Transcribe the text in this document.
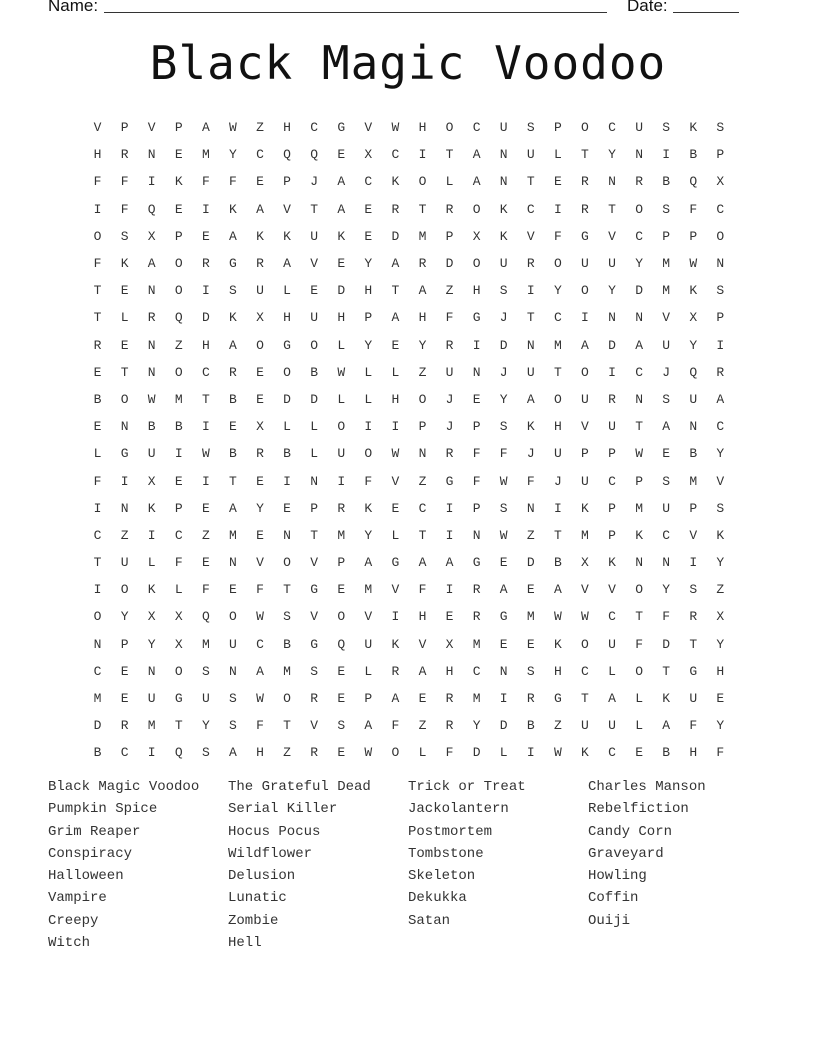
Name:	Date:
Black Magic Voodoo
V	P	V	P	A	W	Z	H	C	G	V	W	H	O	C	U	S	P	O	C	U	S	K	S
H	R	N	E	M	Y	C	Q	Q	E	X	C	I	T	A	N	U	L	T	Y	N	I	B	P
F	F	I	K	F	F	E	P	J	A	C	K	O	L	A	N	T	E	R	N	R	B	Q	X
I	F	Q	E	I	K	A	V	T	A	E	R	T	R	O	K	C	I	R	T	O	S	F	C
O	S	X	P	E	A	K	K	U	K	E	D	M	P	X	K	V	F	G	V	C	P	P	O
F	K	A	O	R	G	R	A	V	E	Y	A	R	D	O	U	R	O	U	U	Y	M	W	N
T	E	N	O	I	S	U	L	E	D	H	T	A	Z	H	S	I	Y	O	Y	D	M	K	S
T	L	R	Q	D	K	X	H	U	H	P	A	H	F	G	J	T	C	I	N	N	V	X	P
R	E	N	Z	H	A	O	G	O	L	Y	E	Y	R	I	D	N	M	A	D	A	U	Y	I
E	T	N	O	C	R	E	O	B	W	L	L	Z	U	N	J	U	T	O	I	C	J	Q	R
B	O	W	M	T	B	E	D	D	L	L	H	O	J	E	Y	A	O	U	R	N	S	U	A
E	N	B	B	I	E	X	L	L	O	I	I	P	J	P	S	K	H	V	U	T	A	N	C
L	G	U	I	W	B	R	B	L	U	O	W	N	R	F	F	J	U	P	P	W	E	B	Y
F	I	X	E	I	T	E	I	N	I	F	V	Z	G	F	W	F	J	U	C	P	S	M	V
I	N	K	P	E	A	Y	E	P	R	K	E	C	I	P	S	N	I	K	P	M	U	P	S
C	Z	I	C	Z	M	E	N	T	M	Y	L	T	I	N	W	Z	T	M	P	K	C	V	K
T	U	L	F	E	N	V	O	V	P	A	G	A	A	G	E	D	B	X	K	N	N	I	Y
I	O	K	L	F	E	F	T	G	E	M	V	F	I	R	A	E	A	V	V	O	Y	S	Z
O	Y	X	X	Q	O	W	S	V	O	V	I	H	E	R	G	M	W	W	C	T	F	R	X
N	P	Y	X	M	U	C	B	G	Q	U	K	V	X	M	E	E	K	O	U	F	D	T	Y
C	E	N	O	S	N	A	M	S	E	L	R	A	H	C	N	S	H	C	L	O	T	G	H
M	E	U	G	U	S	W	O	R	E	P	A	E	R	M	I	R	G	T	A	L	K	U	E
D	R	M	T	Y	S	F	T	V	S	A	F	Z	R	Y	D	B	Z	U	U	L	A	F	Y
B	C	I	Q	S	A	H	Z	R	E	W	O	L	F	D	L	I	W	K	C	E	B	H	F
Black Magic Voodoo	The Grateful Dead	Trick or Treat	Charles Manson
Pumpkin Spice	Serial Killer	Jackolantern	Rebelfiction
Grim Reaper	Hocus Pocus	Postmortem	Candy Corn
Conspiracy	Wildflower	Tombstone	Graveyard
Halloween	Delusion	Skeleton	Howling
Vampire	Lunatic	Dekukka	Coffin
Creepy	Zombie	Satan	Ouiji
Witch	Hell
